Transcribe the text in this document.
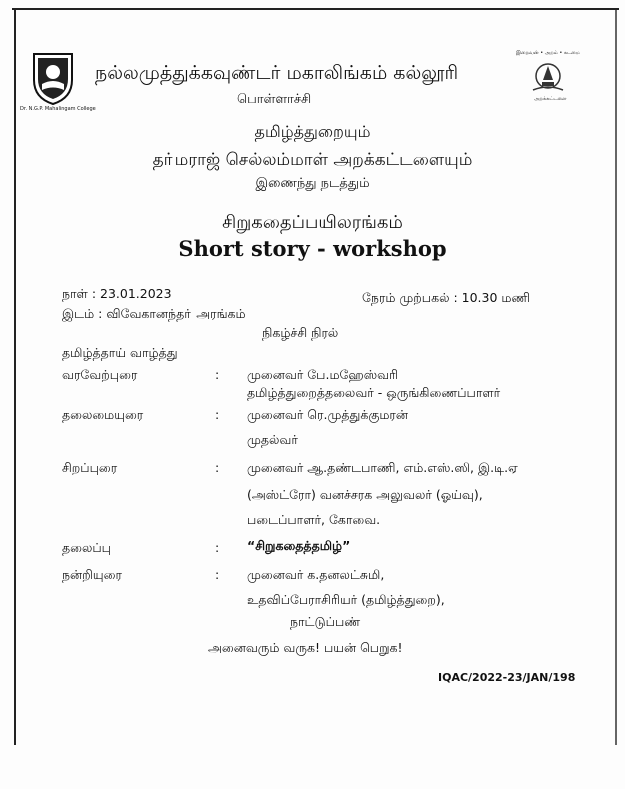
Dr. N.G.P. Mahalingam College
இறைவன் • அறம் • கடமை
அறக்கட்டளை
நல்லமுத்துக்கவுண்டர் மகாலிங்கம் கல்லூரி
பொள்ளாச்சி
தமிழ்த்துறையும்
தா்மராஜ் செல்லம்மாள் அறக்கட்டளையும்
இணைந்து நடத்தும்
சிறுகதைப்பயிலரங்கம்
Short story - workshop
நாள் : 23.01.2023
இடம் : விவேகானந்தா் அரங்கம்
நேரம் முற்பகல் : 10.30 மணி
நிகழ்ச்சி நிரல்
தமிழ்த்தாய் வாழ்த்து
வரவேற்புரை	: முனைவர் பே.மஹேஸ்வரி
தமிழ்த்துறைத்தலைவர் - ஒருங்கிணைப்பாளர்
தலைமையுரை	: முனைவர் ரெ.முத்துக்குமரன்
முதல்வர்
சிறப்புரை	: முனைவர் ஆ.தண்டபாணி, எம்.எஸ்.ஸி, இ.டி.ஏ
(அஸ்ட்ரோ) வனச்சரக அலுவலர் (ஓய்வு),
படைப்பாளர், கோவை.
தலைப்பு	: “சிறுகதைத்தமிழ்”
நன்றியுரை	: முனைவர் க.தனலட்சுமி,
உதவிப்பேராசிரியர் (தமிழ்த்துறை),
நாட்டுப்பண்
அனைவரும் வருக! பயன் பெறுக!
IQAC/2022-23/JAN/198
